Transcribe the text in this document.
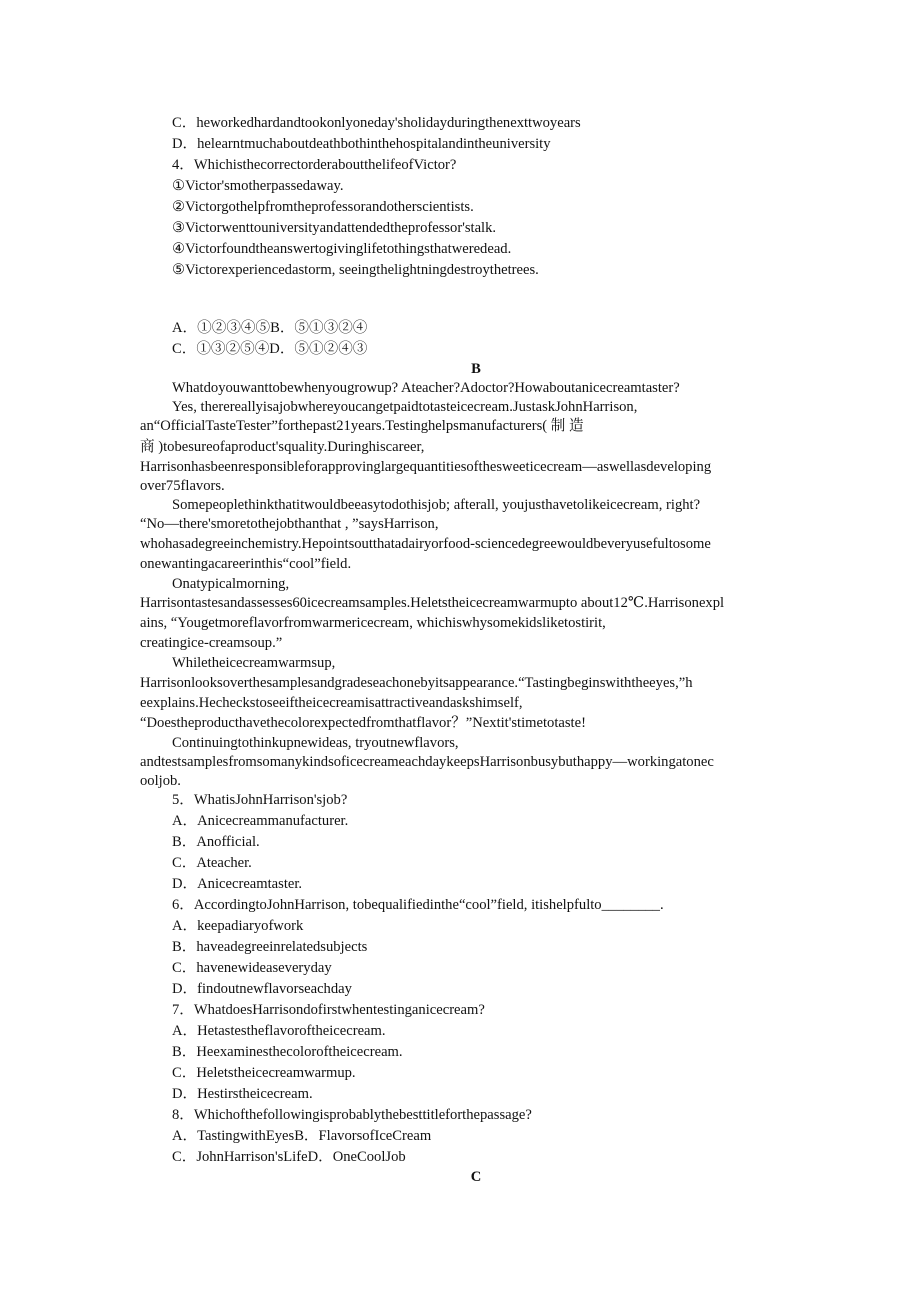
C．heworkedhardandtookonlyoneday'sholidayduringthenexttwoyears
D．helearntmuchaboutdeathbothinthehospitalandintheuniversity
4．WhichisthecorrectorderaboutthelifeofVictor?
①Victor'smotherpassedaway.
②Victorgothelpfromtheprofessorandotherscientists.
③Victorwenttouniversityandattendedtheprofessor'stalk.
④Victorfoundtheanswertogivinglifetothingsthatweredead.
⑤Victorexperiencedastorm, seeingthelightningdestroythetrees.
A．①②③④⑤B．⑤①③②④
C．①③②⑤④D．⑤①②④③
B
Whatdoyouwanttobewhenyougrowup? Ateacher?Adoctor?Howaboutanicecreamtaster?
Yes, therereallyisajobwhereyoucangetpaidtotasteicecream.JustaskJohnHarrison,
an“OfficialTasteTester”forthepast21years.Testinghelpsmanufacturers( 制 造
商 )tobesureofaproduct'squality.Duringhiscareer,
Harrisonhasbeenresponsibleforapprovinglargequantitiesofthesweeticecream—aswellasdeveloping
over75flavors.
Somepeoplethinkthatitwouldbeeasytodothisjob; afterall, youjusthavetolikeicecream, right?
“No—there'smoretothejobthanthat , ”saysHarrison,
whohasadegreeinchemistry.Hepointsoutthatadairyorfood-sciencedegreewouldbeveryusefultosome
onewantingacareerinthis“cool”field.
Onatypicalmorning,
Harrisontastesandassesses60icecreamsamples.Heletstheicecreamwarmupto about12℃.Harrisonexpl
ains, “Yougetmoreflavorfromwarmericecream, whichiswhysomekidsliketostirit,
creatingice-creamsoup.”
Whiletheicecreamwarmsup,
Harrisonlooksoverthesamplesandgradeseachonebyitsappearance.“Tastingbeginswiththeeyes,”h
eexplains.Hecheckstoseeiftheicecreamisattractiveandaskshimself,
“Doestheproducthavethecolorexpectedfromthatflavor？”Nextit'stimetotaste!
Continuingtothinkupnewideas, tryoutnewflavors,
andtestsamplesfromsomanykindsoficecreameachdaykeepsHarrisonbusybuthappy—workingatonec
ooljob.
5．WhatisJohnHarrison'sjob?
A．Anicecreammanufacturer.
B．Anofficial.
C．Ateacher.
D．Anicecreamtaster.
6．AccordingtoJohnHarrison, tobequalifiedinthe“cool”field, itishelpfulto________.
A．keepadiaryofwork
B．haveadegreeinrelatedsubjects
C．havenewideaseveryday
D．findoutnewflavorseachday
7．WhatdoesHarrisondofirstwhentestinganicecream?
A．Hetastestheflavoroftheicecream.
B．Heexaminesthecoloroftheicecream.
C．Heletstheicecreamwarmup.
D．Hestirstheicecream.
8．Whichofthefollowingisprobablythebesttitleforthepassage?
A．TastingwithEyesB．FlavorsofIceCream
C．JohnHarrison'sLifeD．OneCoolJob
C
